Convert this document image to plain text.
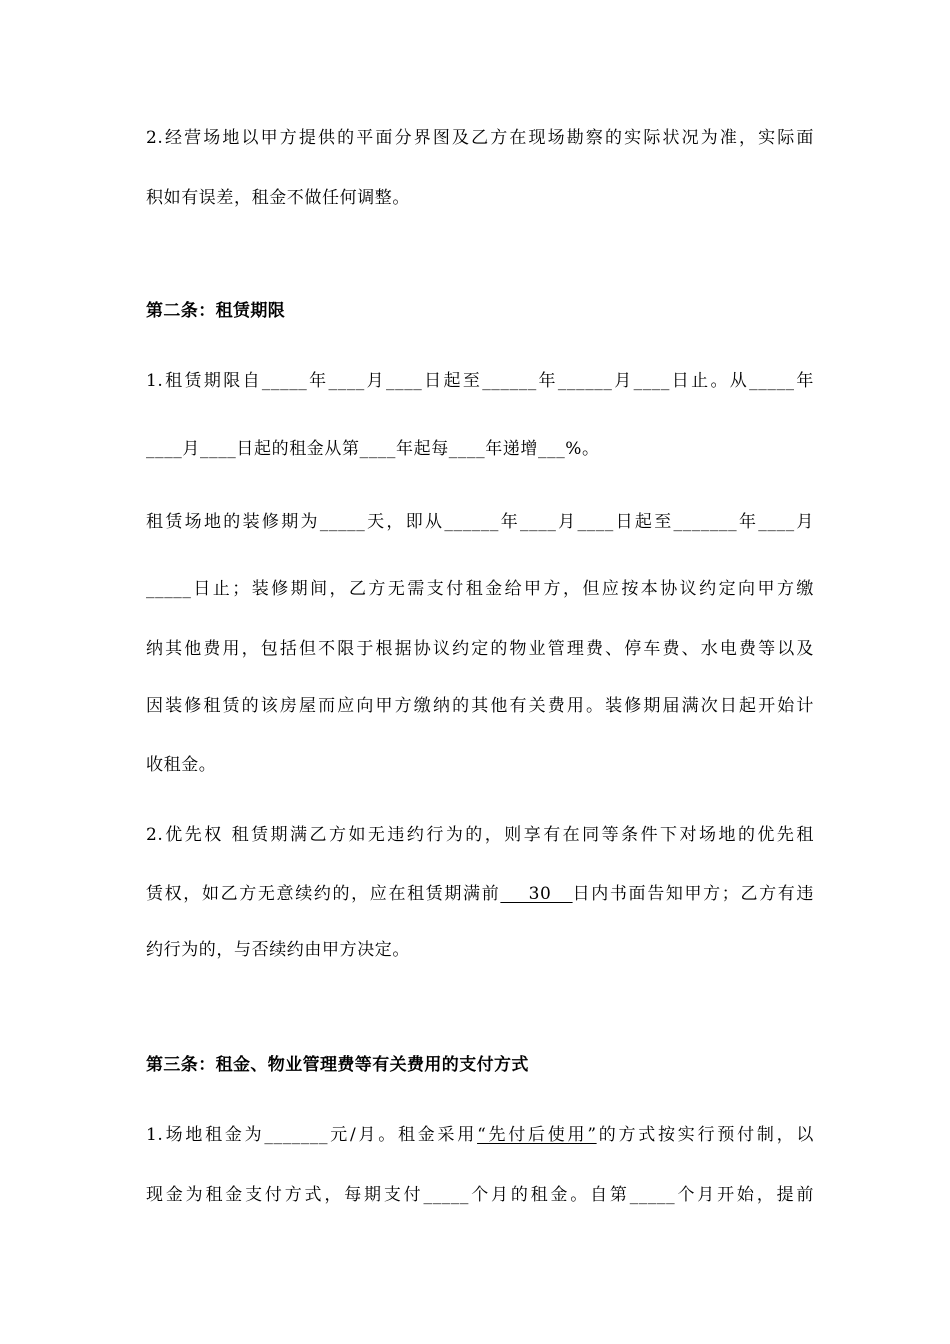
2.经营场地以甲方提供的平面分界图及乙方在现场勘察的实际状况为准，实际面
积如有误差，租金不做任何调整。
第二条：租赁期限
1.租赁期限自_____年____月____日起至______年______月____日止。从_____年
____月____日起的租金从第____年起每____年递增___%。
租赁场地的装修期为_____天，即从______年____月____日起至_______年____月
_____日止；装修期间，乙方无需支付租金给甲方，但应按本协议约定向甲方缴
纳其他费用，包括但不限于根据协议约定的物业管理费、停车费、水电费等以及
因装修租赁的该房屋而应向甲方缴纳的其他有关费用。装修期届满次日起开始计
收租金。
2.优先权 租赁期满乙方如无违约行为的，则享有在同等条件下对场地的优先租
赁权，如乙方无意续约的，应在租赁期满前    30   日内书面告知甲方；乙方有违
约行为的，与否续约由甲方决定。
第三条：租金、物业管理费等有关费用的支付方式
1.场地租金为_______元/月。租金采用“先付后使用”的方式按实行预付制，以
现金为租金支付方式，每期支付_____个月的租金。自第_____个月开始，提前
